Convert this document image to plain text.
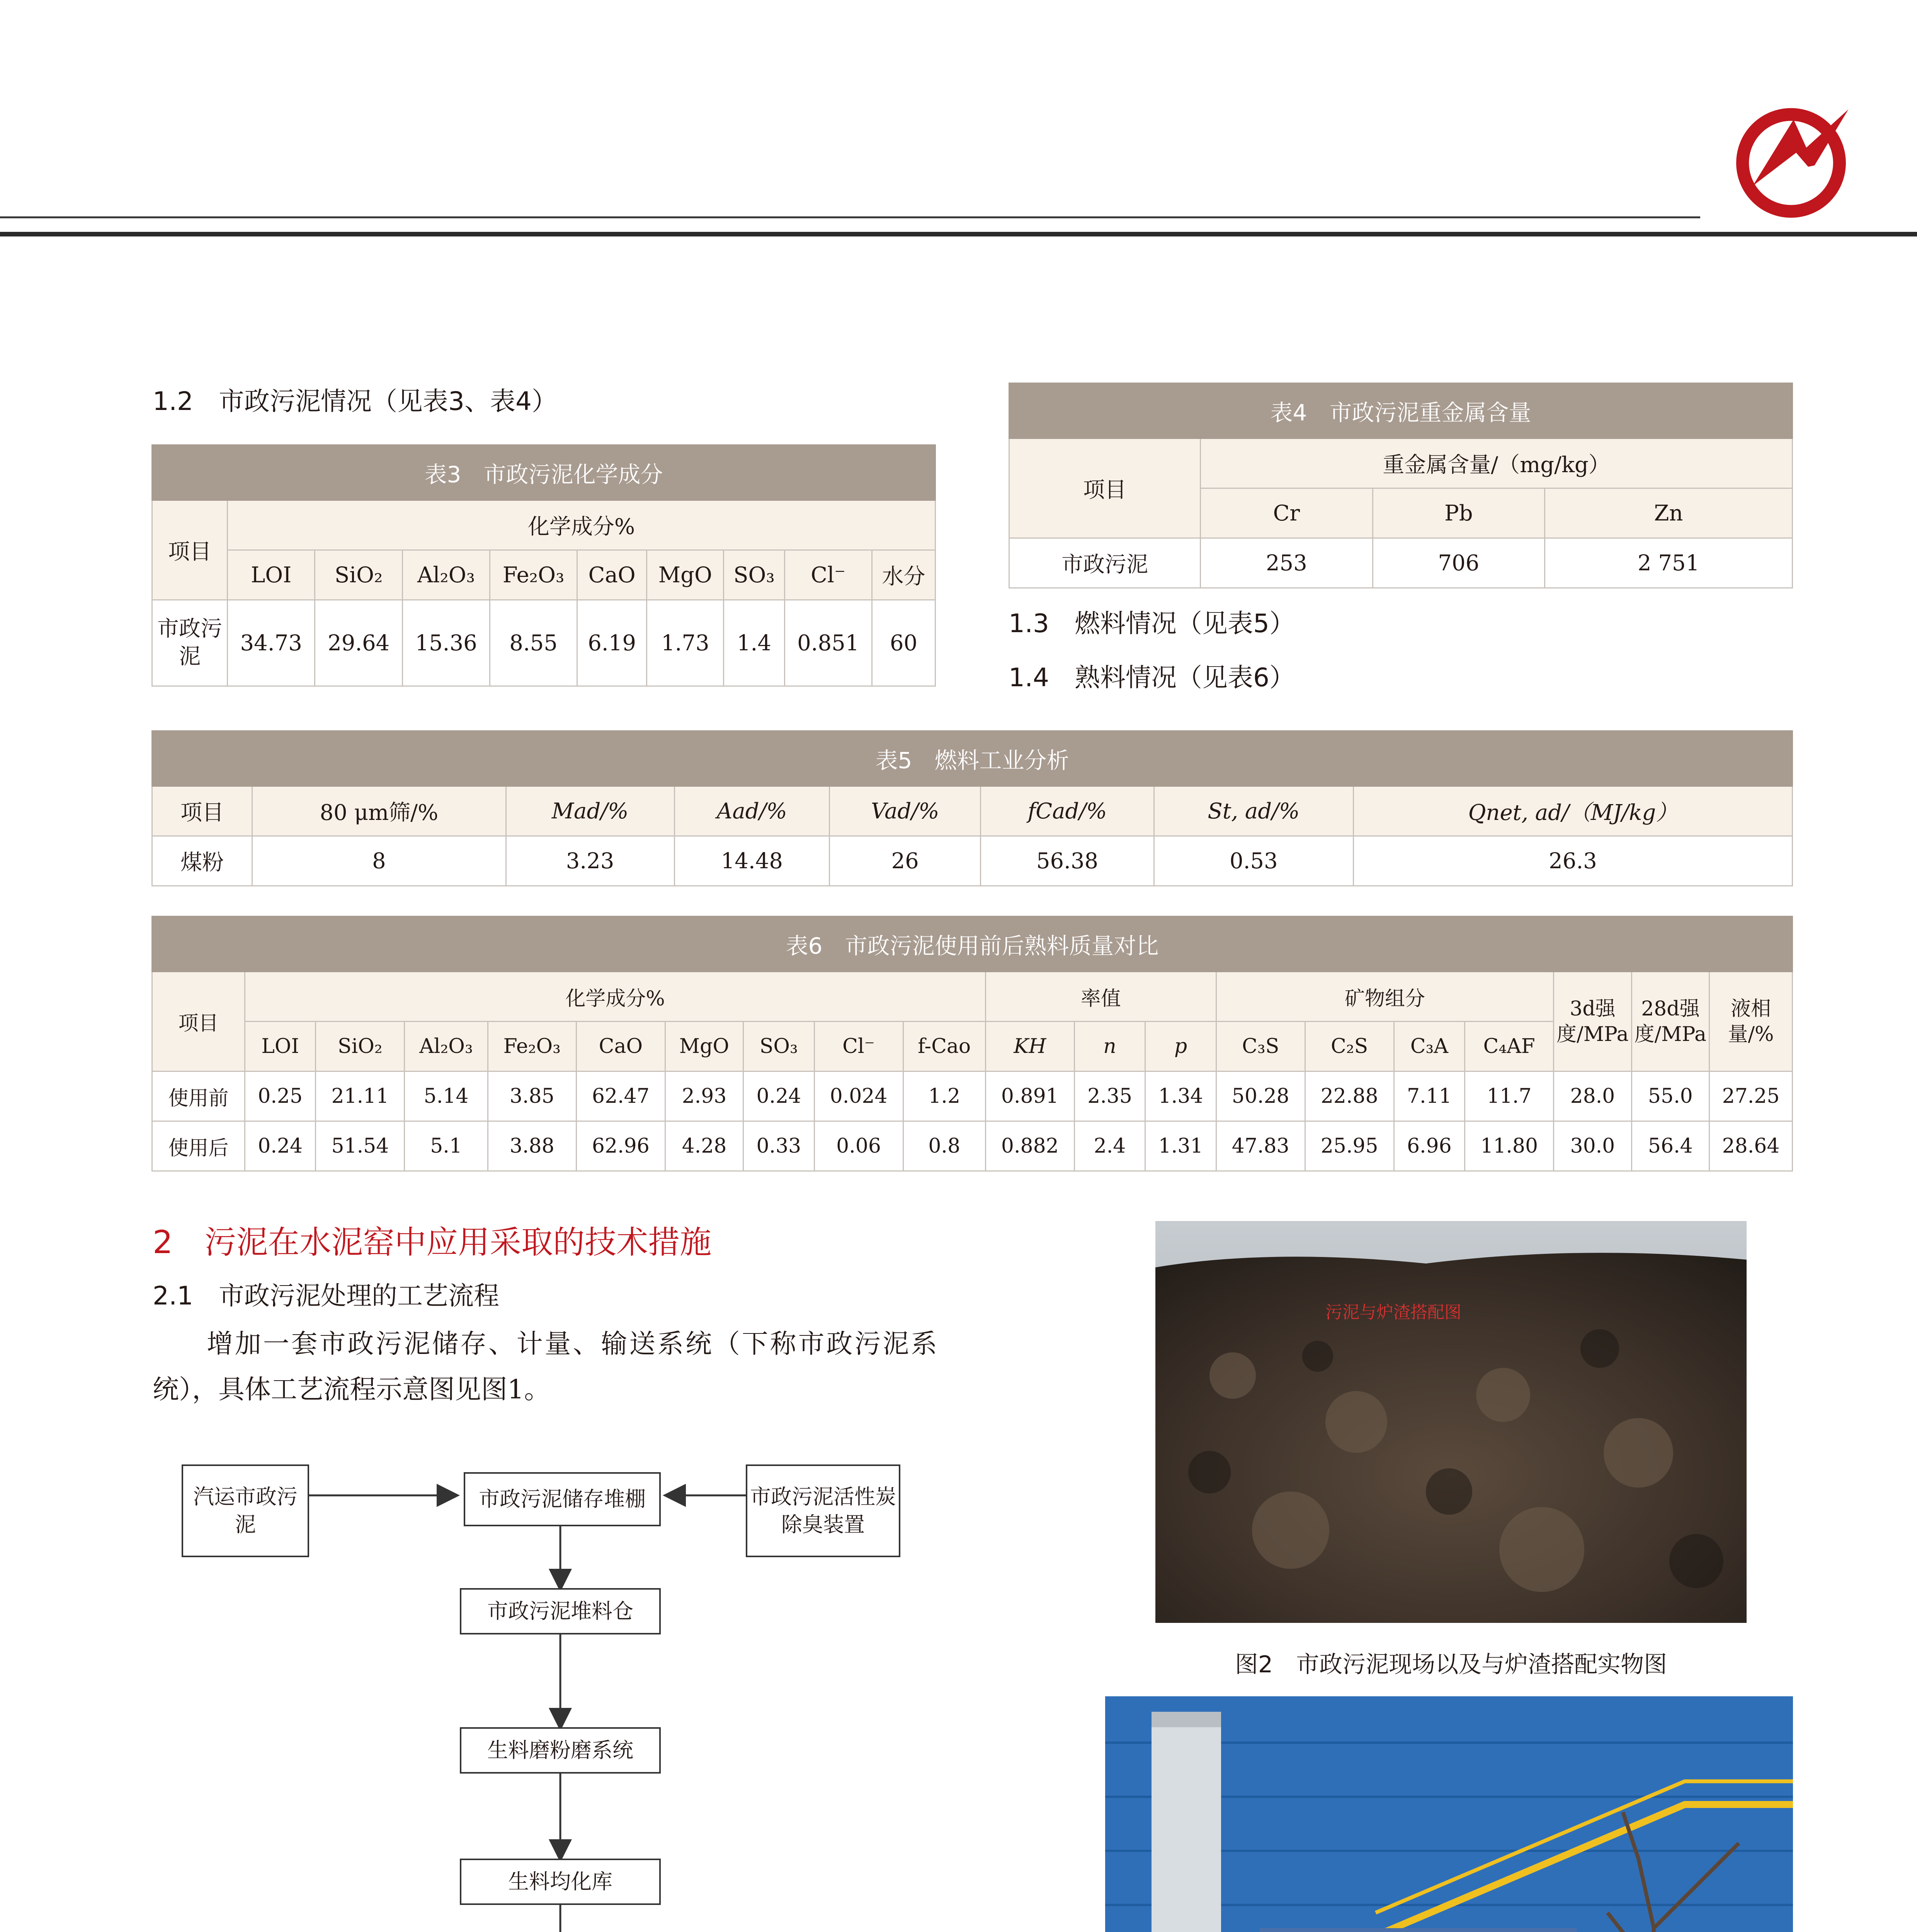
1.2　市政污泥情况（见表3、表4）
表3　市政污泥化学成分									
项目	化学成分%								
	LOI	SiO₂	Al₂O₃	Fe₂O₃	CaO	MgO	SO₃	Cl⁻	水分
市政污泥	34.73	29.64	15.36	8.55	6.19	1.73	1.4	0.851	60
表4　市政污泥重金属含量			
项目	重金属含量/（mg/kg）		
	Cr	Pb	Zn
市政污泥	253	706	2 751
1.3　燃料情况（见表5）
1.4　熟料情况（见表6）
表5　燃料工业分析							
项目	80 μm筛/%	Mad/%	Aad/%	Vad/%	fCad/%	St, ad/%	Qnet, ad/（MJ/kg）
煤粉	8	3.23	14.48	26	56.38	0.53	26.3
表6　市政污泥使用前后熟料质量对比																			
项目	化学成分%									率值			矿物组分				3d强度/MPa	28d强度/MPa	液相量/%
	LOI	SiO₂	Al₂O₃	Fe₂O₃	CaO	MgO	SO₃	Cl⁻	f-Cao	KH	n	p	C₃S	C₂S	C₃A	C₄AF			
使用前	0.25	21.11	5.14	3.85	62.47	2.93	0.24	0.024	1.2	0.891	2.35	1.34	50.28	22.88	7.11	11.7	28.0	55.0	27.25
使用后	0.24	51.54	5.1	3.88	62.96	4.28	0.33	0.06	0.8	0.882	2.4	1.31	47.83	25.95	6.96	11.80	30.0	56.4	28.64
2　污泥在水泥窑中应用采取的技术措施
2.1　市政污泥处理的工艺流程
增加一套市政污泥储存、计量、输送系统（下称市政污泥系统），具体工艺流程示意图见图1。
汽运市政污泥
市政污泥储存堆棚	市政污泥活性炭除臭装置
市政污泥堆料仓
生料磨粉磨系统
生料均化库
污泥与炉渣搭配图
图2　市政污泥现场以及与炉渣搭配实物图
